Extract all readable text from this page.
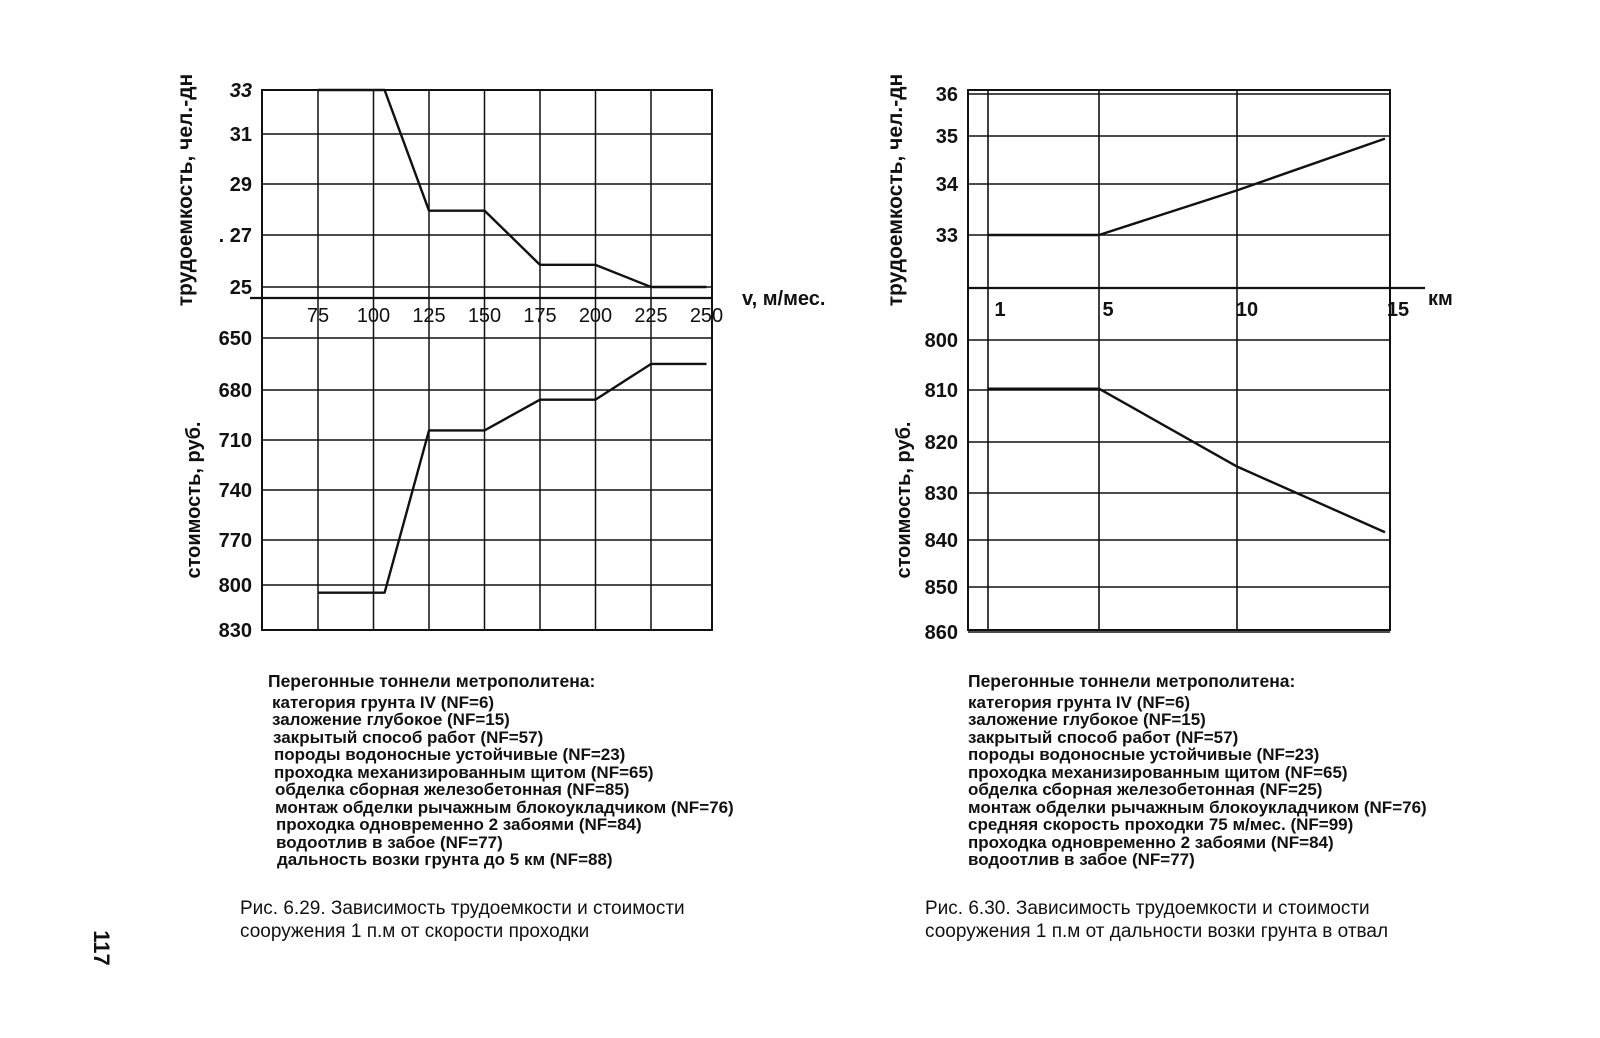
33
31
29
. 27
25
650
680
710
740
770
800
830
75 100 125 150 175 200 225 250
трудоемкость, чел.-дн
стоимость, руб.
v, м/мес.
36
35
34
33
800
810
820
830
840
850
860
1	5	10	15
трудоемкость, чел.-дн
стоимость, руб.
км
Перегонные тоннели метрополитена:
категория грунта IV (NF=6)
заложение глубокое (NF=15)
закрытый способ работ (NF=57)
породы водоносные устойчивые (NF=23)
проходка механизированным щитом (NF=65)
обделка сборная железобетонная (NF=85)
монтаж обделки рычажным блокоукладчиком (NF=76)
проходка одновременно 2 забоями (NF=84)
водоотлив в забое (NF=77)
дальность возки грунта до 5 км (NF=88)
Перегонные тоннели метрополитена:
категория грунта IV (NF=6)
заложение глубокое (NF=15)
закрытый способ работ (NF=57)
породы водоносные устойчивые (NF=23)
проходка механизированным щитом (NF=65)
обделка сборная железобетонная (NF=25)
монтаж обделки рычажным блокоукладчиком (NF=76)
средняя скорость проходки 75 м/мес. (NF=99)
проходка одновременно 2 забоями (NF=84)
водоотлив в забое (NF=77)
Рис. 6.29. Зависимость трудоемкости и стоимости
сооружения 1 п.м от скорости проходки
Рис. 6.30. Зависимость трудоемкости и стоимости
сооружения 1 п.м от дальности возки грунта в отвал
117
